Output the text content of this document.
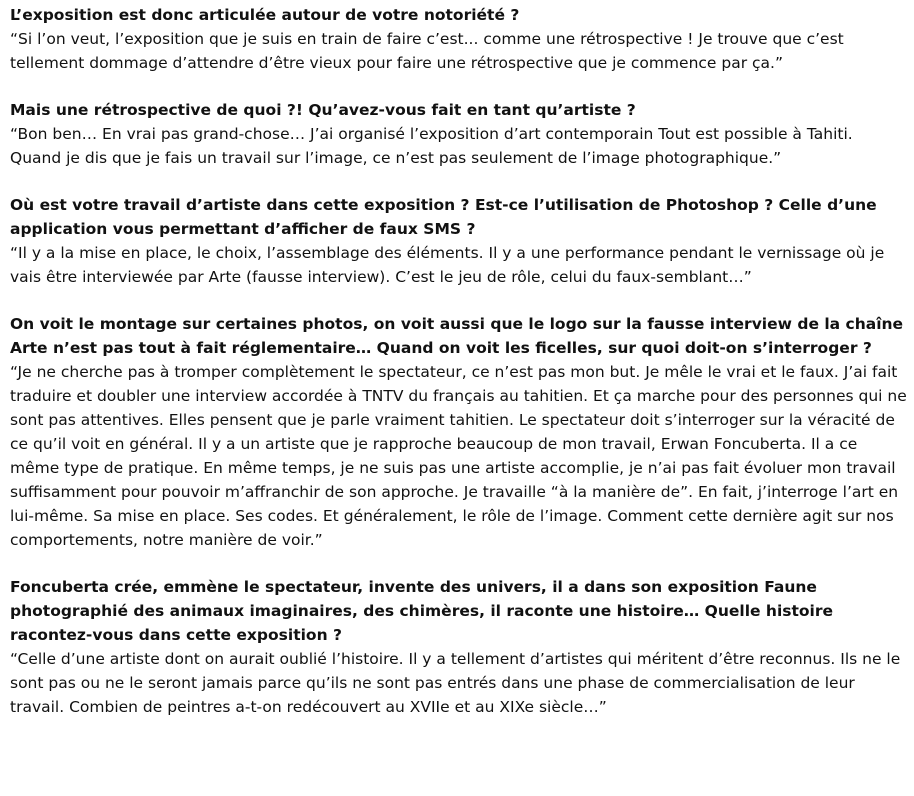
L’exposition est donc articulée autour de votre notoriété ?

“Si l’on veut, l’exposition que je suis en train de faire c’est... comme une rétrospective ! Je trouve que c’est tellement dommage d’attendre d’être vieux pour faire une rétrospective que je commence par ça.”

Mais une rétrospective de quoi ?! Qu’avez-vous fait en tant qu’artiste ?

“Bon ben… En vrai pas grand-chose… J’ai organisé l’exposition d’art contemporain Tout est possible à Tahiti. Quand je dis que je fais un travail sur l’image, ce n’est pas seulement de l’image photographique.”

Où est votre travail d’artiste dans cette exposition ? Est-ce l’utilisation de Photoshop ? Celle d’une application vous permettant d’afficher de faux SMS ?

“Il y a la mise en place, le choix, l’assemblage des éléments. Il y a une performance pendant le vernissage où je vais être interviewée par Arte (fausse interview). C’est le jeu de rôle, celui du faux-semblant…”

On voit le montage sur certaines photos, on voit aussi que le logo sur la fausse interview de la chaîne Arte n’est pas tout à fait réglementaire… Quand on voit les ficelles, sur quoi doit-on s’interroger ?

“Je ne cherche pas à tromper complètement le spectateur, ce n’est pas mon but. Je mêle le vrai et le faux. J’ai fait traduire et doubler une interview accordée à TNTV du français au tahitien. Et ça marche pour des personnes qui ne sont pas attentives. Elles pensent que je parle vraiment tahitien. Le spectateur doit s’interroger sur la véracité de ce qu’il voit en général. Il y a un artiste que je rapproche beaucoup de mon travail, Erwan Foncuberta. Il a ce même type de pratique. En même temps, je ne suis pas une artiste accomplie, je n’ai pas fait évoluer mon travail suffisamment pour pouvoir m’affranchir de son approche. Je travaille “à la manière de”. En fait, j’interroge l’art en lui-même. Sa mise en place. Ses codes. Et généralement, le rôle de l’image. Comment cette dernière agit sur nos comportements, notre manière de voir.”

Foncuberta crée, emmène le spectateur, invente des univers, il a dans son exposition Faune photographié des animaux imaginaires, des chimères, il raconte une histoire… Quelle histoire racontez-vous dans cette exposition ?

“Celle d’une artiste dont on aurait oublié l’histoire. Il y a tellement d’artistes qui méritent d’être reconnus. Ils ne le sont pas ou ne le seront jamais parce qu’ils ne sont pas entrés dans une phase de commercialisation de leur travail. Combien de peintres a-t-on redécouvert au XVIIe et au XIXe siècle…”
